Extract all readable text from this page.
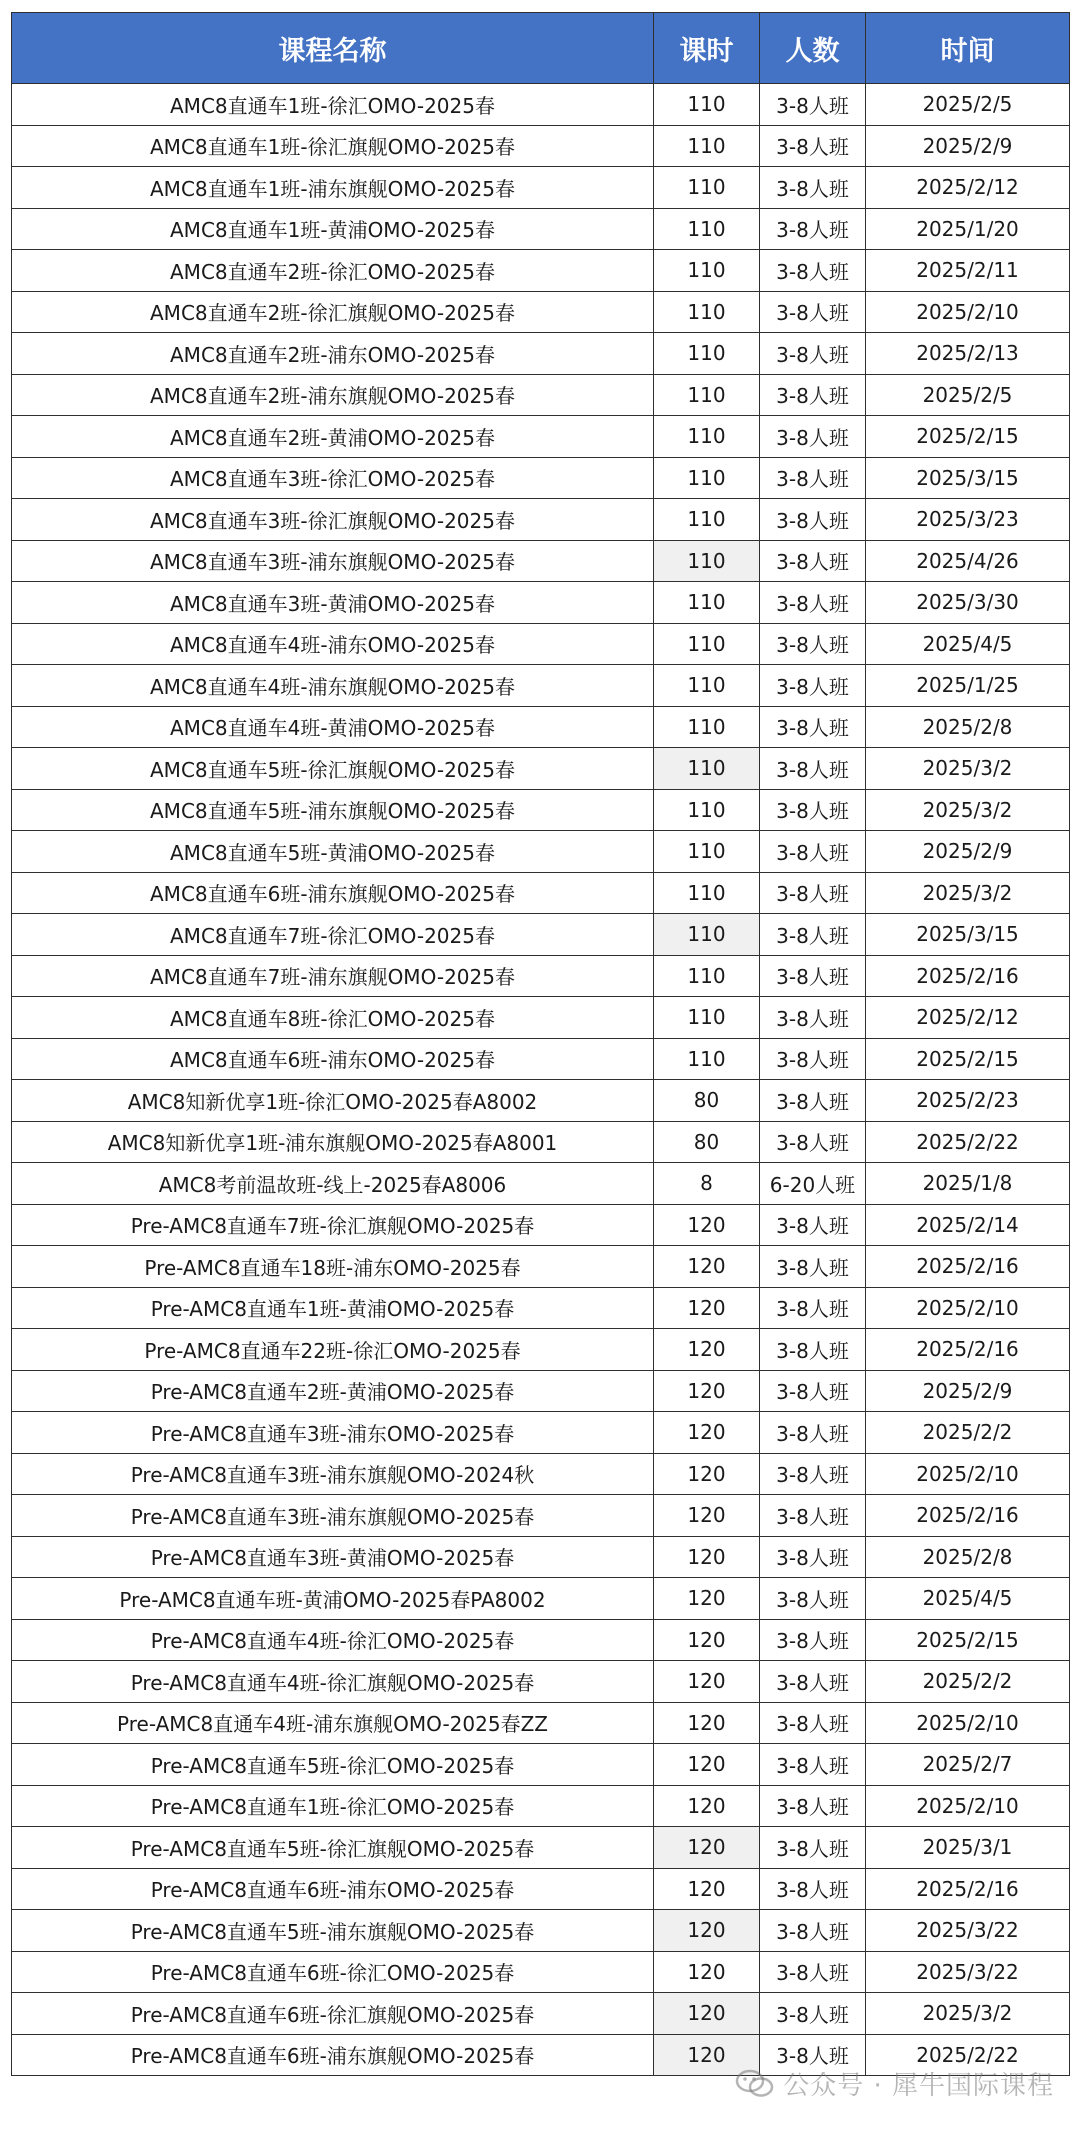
课程名称	课时	人数	时间
AMC8直通车1班-徐汇OMO-2025春	110	3-8人班	2025/2/5
AMC8直通车1班-徐汇旗舰OMO-2025春	110	3-8人班	2025/2/9
AMC8直通车1班-浦东旗舰OMO-2025春	110	3-8人班	2025/2/12
AMC8直通车1班-黄浦OMO-2025春	110	3-8人班	2025/1/20
AMC8直通车2班-徐汇OMO-2025春	110	3-8人班	2025/2/11
AMC8直通车2班-徐汇旗舰OMO-2025春	110	3-8人班	2025/2/10
AMC8直通车2班-浦东OMO-2025春	110	3-8人班	2025/2/13
AMC8直通车2班-浦东旗舰OMO-2025春	110	3-8人班	2025/2/5
AMC8直通车2班-黄浦OMO-2025春	110	3-8人班	2025/2/15
AMC8直通车3班-徐汇OMO-2025春	110	3-8人班	2025/3/15
AMC8直通车3班-徐汇旗舰OMO-2025春	110	3-8人班	2025/3/23
AMC8直通车3班-浦东旗舰OMO-2025春	110	3-8人班	2025/4/26
AMC8直通车3班-黄浦OMO-2025春	110	3-8人班	2025/3/30
AMC8直通车4班-浦东OMO-2025春	110	3-8人班	2025/4/5
AMC8直通车4班-浦东旗舰OMO-2025春	110	3-8人班	2025/1/25
AMC8直通车4班-黄浦OMO-2025春	110	3-8人班	2025/2/8
AMC8直通车5班-徐汇旗舰OMO-2025春	110	3-8人班	2025/3/2
AMC8直通车5班-浦东旗舰OMO-2025春	110	3-8人班	2025/3/2
AMC8直通车5班-黄浦OMO-2025春	110	3-8人班	2025/2/9
AMC8直通车6班-浦东旗舰OMO-2025春	110	3-8人班	2025/3/2
AMC8直通车7班-徐汇OMO-2025春	110	3-8人班	2025/3/15
AMC8直通车7班-浦东旗舰OMO-2025春	110	3-8人班	2025/2/16
AMC8直通车8班-徐汇OMO-2025春	110	3-8人班	2025/2/12
AMC8直通车6班-浦东OMO-2025春	110	3-8人班	2025/2/15
AMC8知新优享1班-徐汇OMO-2025春A8002	80	3-8人班	2025/2/23
AMC8知新优享1班-浦东旗舰OMO-2025春A8001	80	3-8人班	2025/2/22
AMC8考前温故班-线上-2025春A8006	8	6-20人班	2025/1/8
Pre-AMC8直通车7班-徐汇旗舰OMO-2025春	120	3-8人班	2025/2/14
Pre-AMC8直通车18班-浦东OMO-2025春	120	3-8人班	2025/2/16
Pre-AMC8直通车1班-黄浦OMO-2025春	120	3-8人班	2025/2/10
Pre-AMC8直通车22班-徐汇OMO-2025春	120	3-8人班	2025/2/16
Pre-AMC8直通车2班-黄浦OMO-2025春	120	3-8人班	2025/2/9
Pre-AMC8直通车3班-浦东OMO-2025春	120	3-8人班	2025/2/2
Pre-AMC8直通车3班-浦东旗舰OMO-2024秋	120	3-8人班	2025/2/10
Pre-AMC8直通车3班-浦东旗舰OMO-2025春	120	3-8人班	2025/2/16
Pre-AMC8直通车3班-黄浦OMO-2025春	120	3-8人班	2025/2/8
Pre-AMC8直通车班-黄浦OMO-2025春PA8002	120	3-8人班	2025/4/5
Pre-AMC8直通车4班-徐汇OMO-2025春	120	3-8人班	2025/2/15
Pre-AMC8直通车4班-徐汇旗舰OMO-2025春	120	3-8人班	2025/2/2
Pre-AMC8直通车4班-浦东旗舰OMO-2025春ZZ	120	3-8人班	2025/2/10
Pre-AMC8直通车5班-徐汇OMO-2025春	120	3-8人班	2025/2/7
Pre-AMC8直通车1班-徐汇OMO-2025春	120	3-8人班	2025/2/10
Pre-AMC8直通车5班-徐汇旗舰OMO-2025春	120	3-8人班	2025/3/1
Pre-AMC8直通车6班-浦东OMO-2025春	120	3-8人班	2025/2/16
Pre-AMC8直通车5班-浦东旗舰OMO-2025春	120	3-8人班	2025/3/22
Pre-AMC8直通车6班-徐汇OMO-2025春	120	3-8人班	2025/3/22
Pre-AMC8直通车6班-徐汇旗舰OMO-2025春	120	3-8人班	2025/3/2
Pre-AMC8直通车6班-浦东旗舰OMO-2025春	120	3-8人班	2025/2/22
公众号 · 犀牛国际课程
